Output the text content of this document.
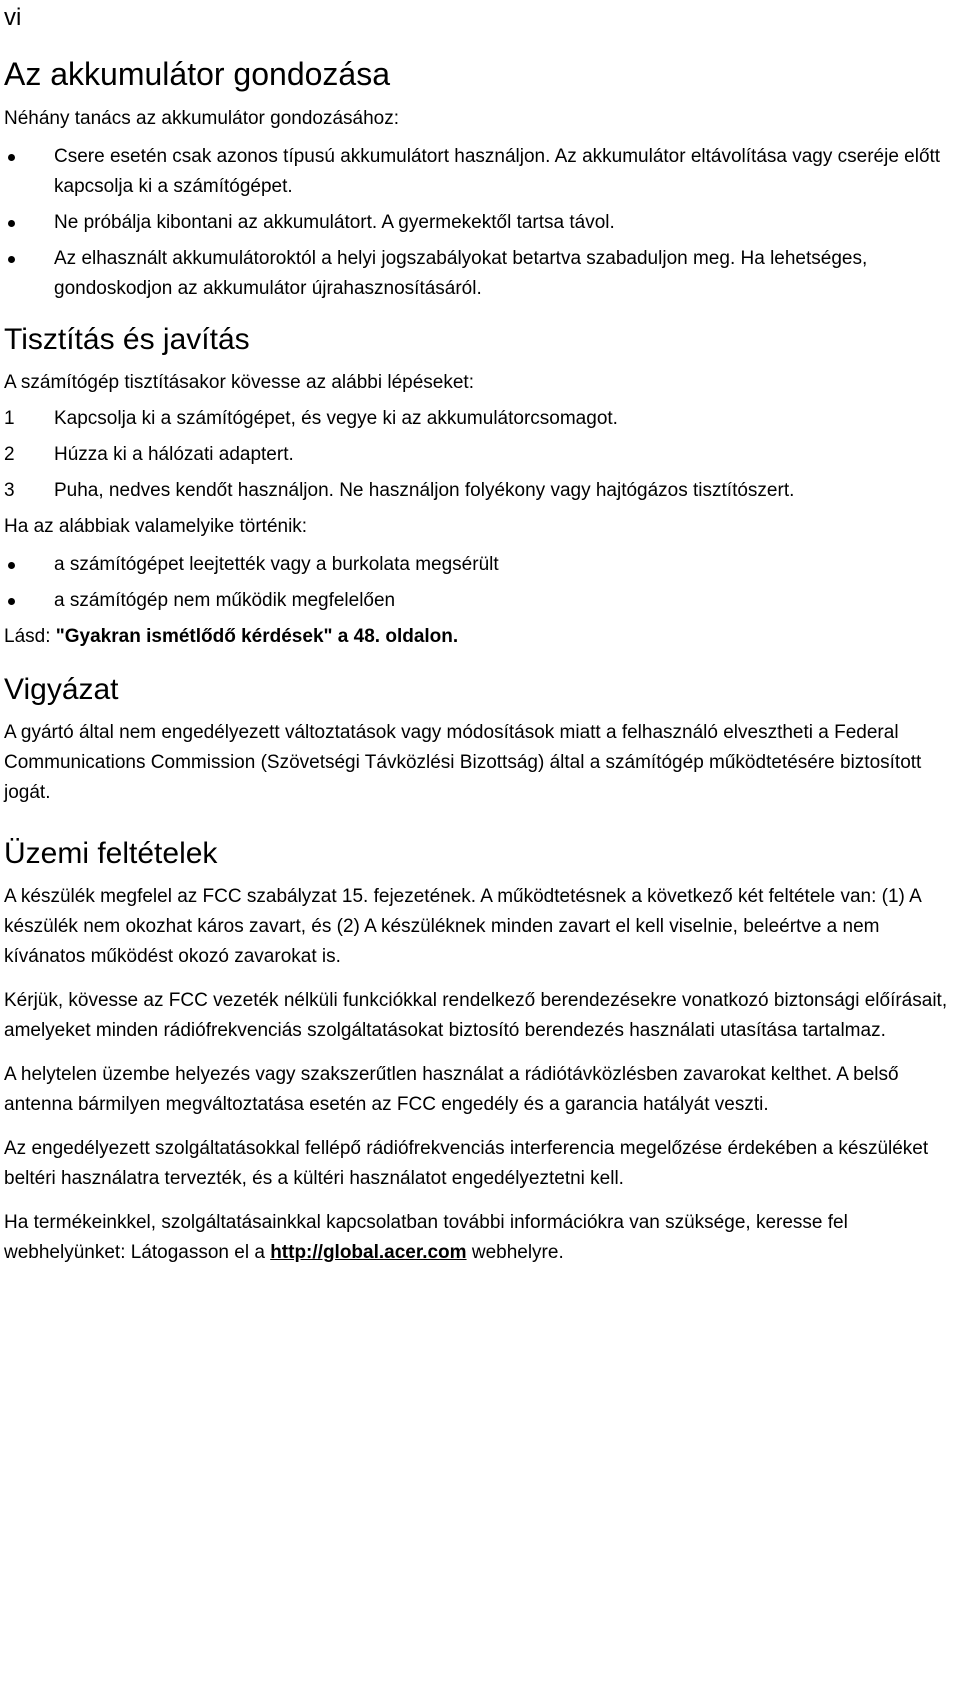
vi

Az akkumulátor gondozása

Néhány tanács az akkumulátor gondozásához:

Csere esetén csak azonos típusú akkumulátort használjon. Az akkumulátor eltávolítása vagy cseréje előtt kapcsolja ki a számítógépet.
Ne próbálja kibontani az akkumulátort. A gyermekektől tartsa távol.
Az elhasznált akkumulátoroktól a helyi jogszabályokat betartva szabaduljon meg. Ha lehetséges, gondoskodjon az akkumulátor újrahasznosításáról.
Tisztítás és javítás

A számítógép tisztításakor kövesse az alábbi lépéseket:

1	Kapcsolja ki a számítógépet, és vegye ki az akkumulátorcsomagot.
2	Húzza ki a hálózati adaptert.
3	Puha, nedves kendőt használjon. Ne használjon folyékony vagy hajtógázos tisztítószert.

Ha az alábbiak valamelyike történik:

a számítógépet leejtették vagy a burkolata megsérült
a számítógép nem működik megfelelően

Lásd: "Gyakran ismétlődő kérdések" a 48. oldalon.

Vigyázat

A gyártó által nem engedélyezett változtatások vagy módosítások miatt a felhasználó elvesztheti a Federal Communications Commission (Szövetségi Távközlési Bizottság) által a számítógép működtetésére biztosított jogát.

Üzemi feltételek

A készülék megfelel az FCC szabályzat 15. fejezetének. A működtetésnek a következő két feltétele van: (1) A készülék nem okozhat káros zavart, és (2) A készüléknek minden zavart el kell viselnie, beleértve a nem kívánatos működést okozó zavarokat is.

Kérjük, kövesse az FCC vezeték nélküli funkciókkal rendelkező berendezésekre vonatkozó biztonsági előírásait, amelyeket minden rádiófrekvenciás szolgáltatásokat biztosító berendezés használati utasítása tartalmaz.

A helytelen üzembe helyezés vagy szakszerűtlen használat a rádiótávközlésben zavarokat kelthet. A belső antenna bármilyen megváltoztatása esetén az FCC engedély és a garancia hatályát veszti.

Az engedélyezett szolgáltatásokkal fellépő rádiófrekvenciás interferencia megelőzése érdekében a készüléket beltéri használatra tervezték, és a kültéri használatot engedélyeztetni kell.

Ha termékeinkkel, szolgáltatásainkkal kapcsolatban további információkra van szüksége, keresse fel webhelyünket: Látogasson el a http://global.acer.com webhelyre.
